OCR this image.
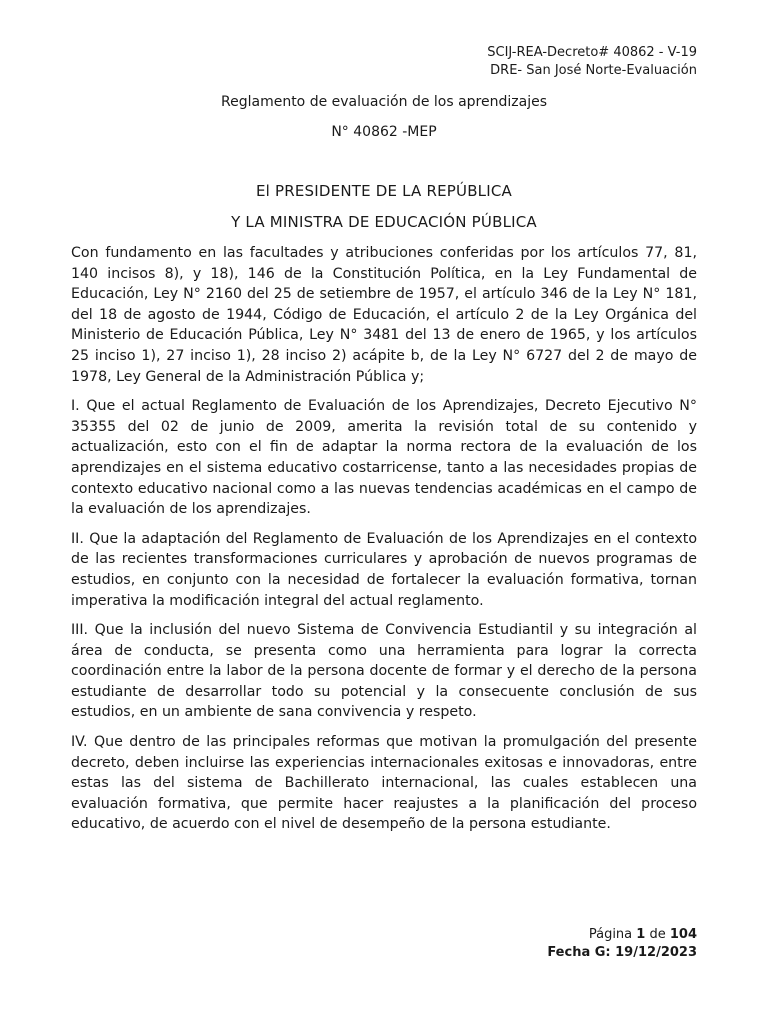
SCIJ-REA-Decreto# 40862 - V-19
DRE- San José Norte-Evaluación
Reglamento de evaluación de los aprendizajes
N° 40862 -MEP
El PRESIDENTE DE LA REPÚBLICA
Y LA MINISTRA DE EDUCACIÓN PÚBLICA

Con fundamento en las facultades y atribuciones conferidas por los artículos 77, 81, 140 incisos 8), y 18), 146 de la Constitución Política, en la Ley Fundamental de Educación, Ley N° 2160 del 25 de setiembre de 1957, el artículo 346 de la Ley N° 181, del 18 de agosto de 1944, Código de Educación, el artículo 2 de la Ley Orgánica del Ministerio de Educación Pública, Ley N° 3481 del 13 de enero de 1965, y los artículos 25 inciso 1), 27 inciso 1), 28 inciso 2) acápite b, de la Ley N° 6727 del 2 de mayo de 1978, Ley General de la Administración Pública y;

I. Que el actual Reglamento de Evaluación de los Aprendizajes, Decreto Ejecutivo N° 35355 del 02 de junio de 2009, amerita la revisión total de su contenido y actualización, esto con el fin de adaptar la norma rectora de la evaluación de los aprendizajes en el sistema educativo costarricense, tanto a las necesidades propias de contexto educativo nacional como a las nuevas tendencias académicas en el campo de la evaluación de los aprendizajes.

II. Que la adaptación del Reglamento de Evaluación de los Aprendizajes en el contexto de las recientes transformaciones curriculares y aprobación de nuevos programas de estudios, en conjunto con la necesidad de fortalecer la evaluación formativa, tornan imperativa la modificación integral del actual reglamento.

III. Que la inclusión del nuevo Sistema de Convivencia Estudiantil y su integración al área de conducta, se presenta como una herramienta para lograr la correcta coordinación entre la labor de la persona docente de formar y el derecho de la persona estudiante de desarrollar todo su potencial y la consecuente conclusión de sus estudios, en un ambiente de sana convivencia y respeto.

IV. Que dentro de las principales reformas que motivan la promulgación del presente decreto, deben incluirse las experiencias internacionales exitosas e innovadoras, entre estas las del sistema de Bachillerato internacional, las cuales establecen una evaluación formativa, que permite hacer reajustes a la planificación del proceso educativo, de acuerdo con el nivel de desempeño de la persona estudiante.

Página 1 de 104
Fecha G: 19/12/2023
